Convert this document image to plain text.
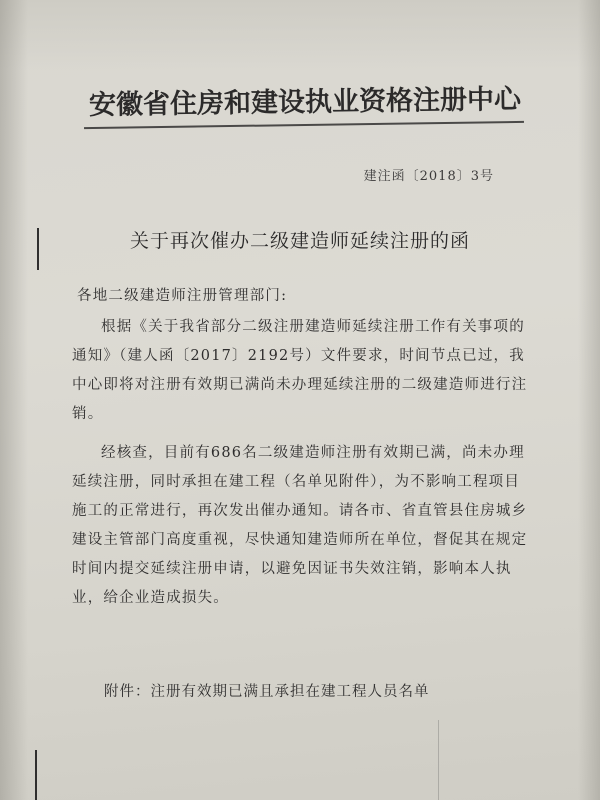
安徽省住房和建设执业资格注册中心
建注函〔2018〕3号
关于再次催办二级建造师延续注册的函

各地二级建造师注册管理部门:

根据《关于我省部分二级注册建造师延续注册工作有关事项的通知》（建人函〔2017〕2192号）文件要求，时间节点已过，我中心即将对注册有效期已满尚未办理延续注册的二级建造师进行注销。

经核查，目前有686名二级建造师注册有效期已满，尚未办理延续注册，同时承担在建工程（名单见附件），为不影响工程项目施工的正常进行，再次发出催办通知。请各市、省直管县住房城乡建设主管部门高度重视，尽快通知建造师所在单位，督促其在规定时间内提交延续注册申请，以避免因证书失效注销，影响本人执业，给企业造成损失。

附件：注册有效期已满且承担在建工程人员名单
